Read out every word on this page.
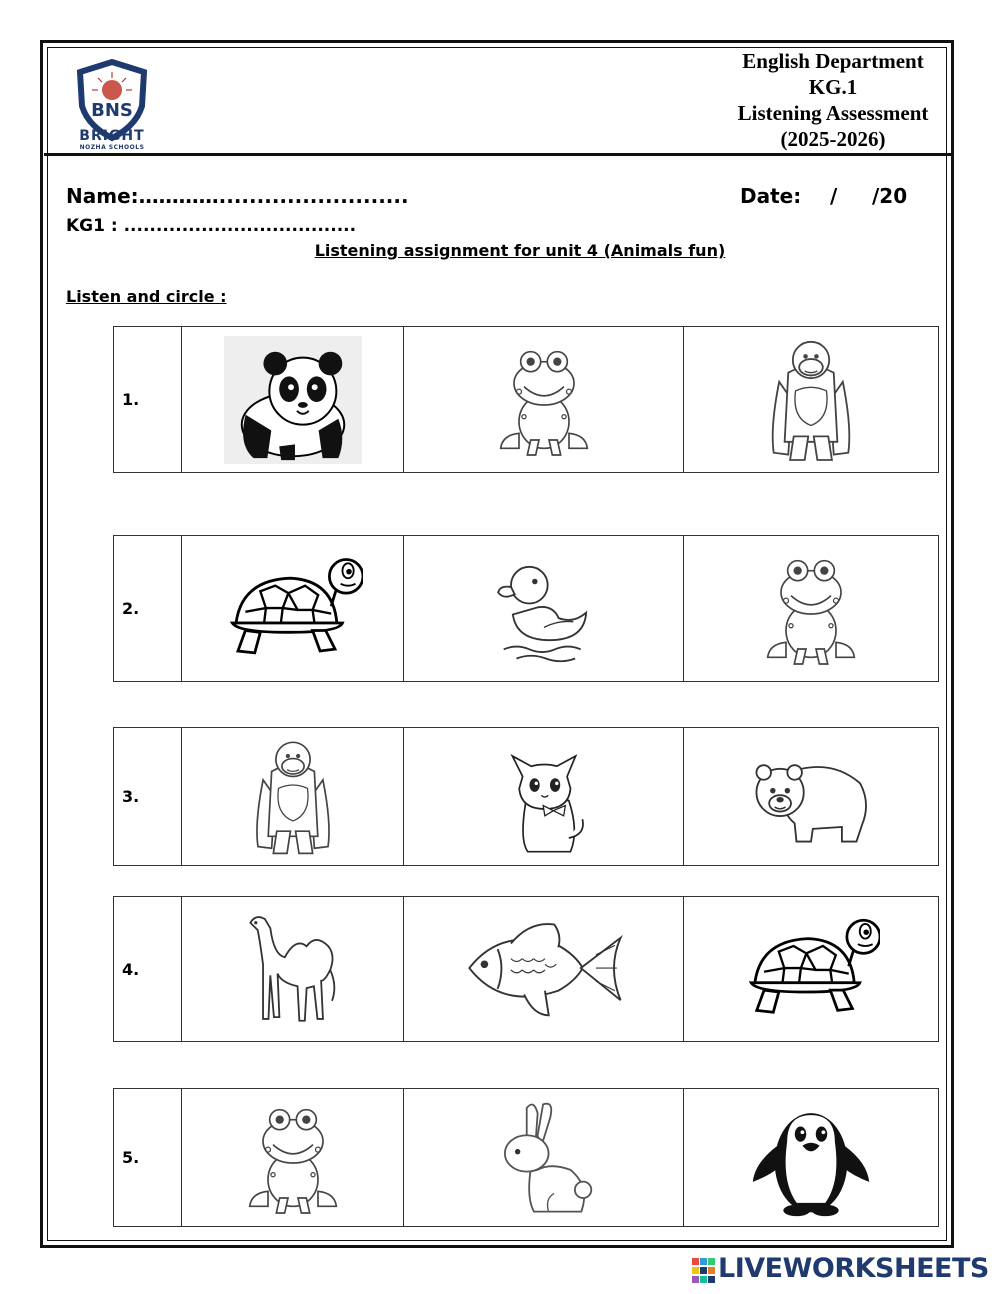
BNS
BRIGHT
NOZHA SCHOOLS
English Department
KG.1
Listening Assessment
(2025-2026)
Name:………….........................	Date: / /20
KG1 : ....................................
Listening assignment for unit 4 (Animals fun)
Listen and circle :
1.	

2.	

3.	

4.	

5.	

LIVEWORKSHEETS
